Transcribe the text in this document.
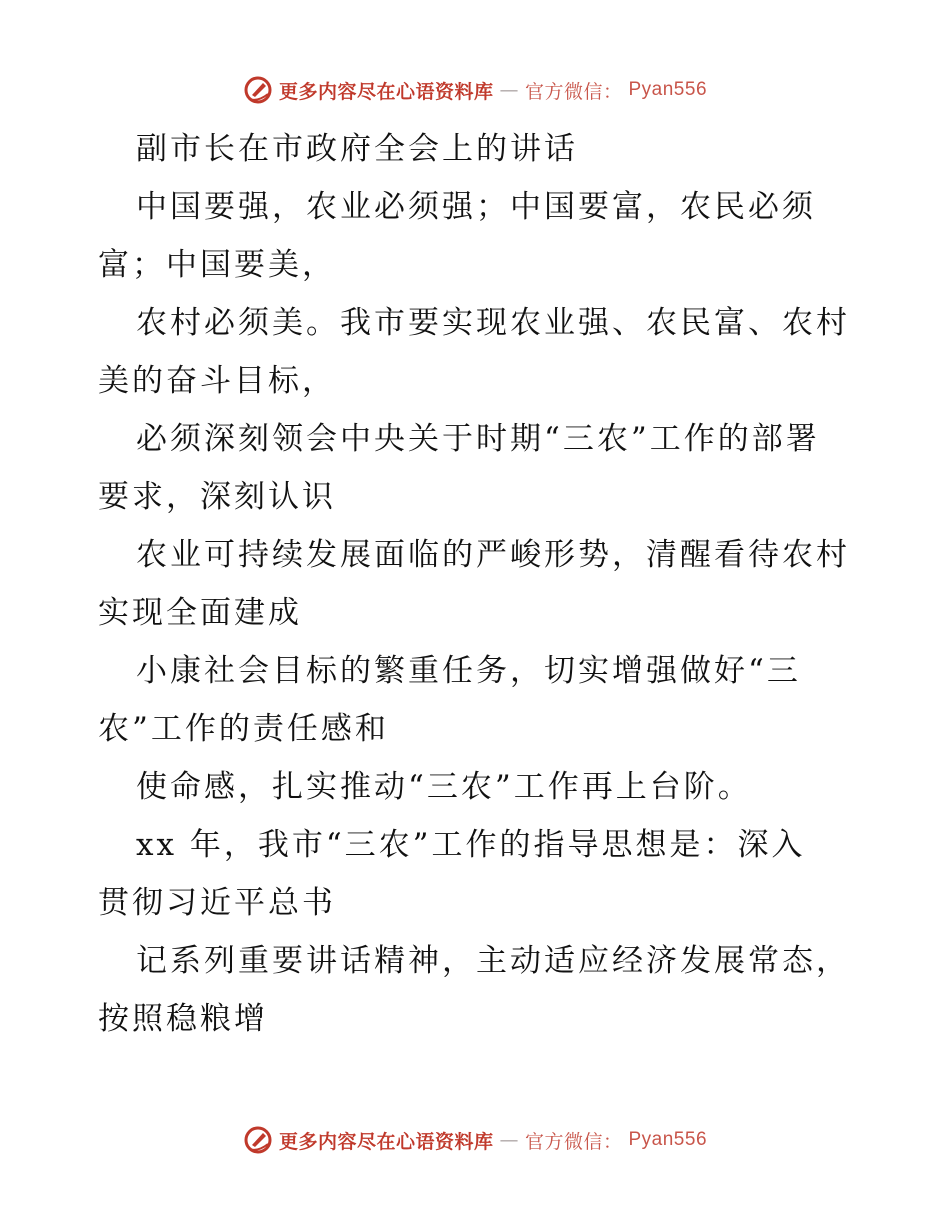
更多内容尽在心语资料库 — 官方微信： Pyan556
副市长在市政府全会上的讲话
中国要强，农业必须强；中国要富，农民必须
富；中国要美，
农村必须美。我市要实现农业强、农民富、农村
美的奋斗目标，
必须深刻领会中央关于时期“三农”工作的部署
要求，深刻认识
农业可持续发展面临的严峻形势，清醒看待农村
实现全面建成
小康社会目标的繁重任务，切实增强做好“三
农”工作的责任感和
使命感，扎实推动“三农”工作再上台阶。
xx 年，我市“三农”工作的指导思想是：深入
贯彻习近平总书
记系列重要讲话精神，主动适应经济发展常态，
按照稳粮增
更多内容尽在心语资料库 — 官方微信： Pyan556
